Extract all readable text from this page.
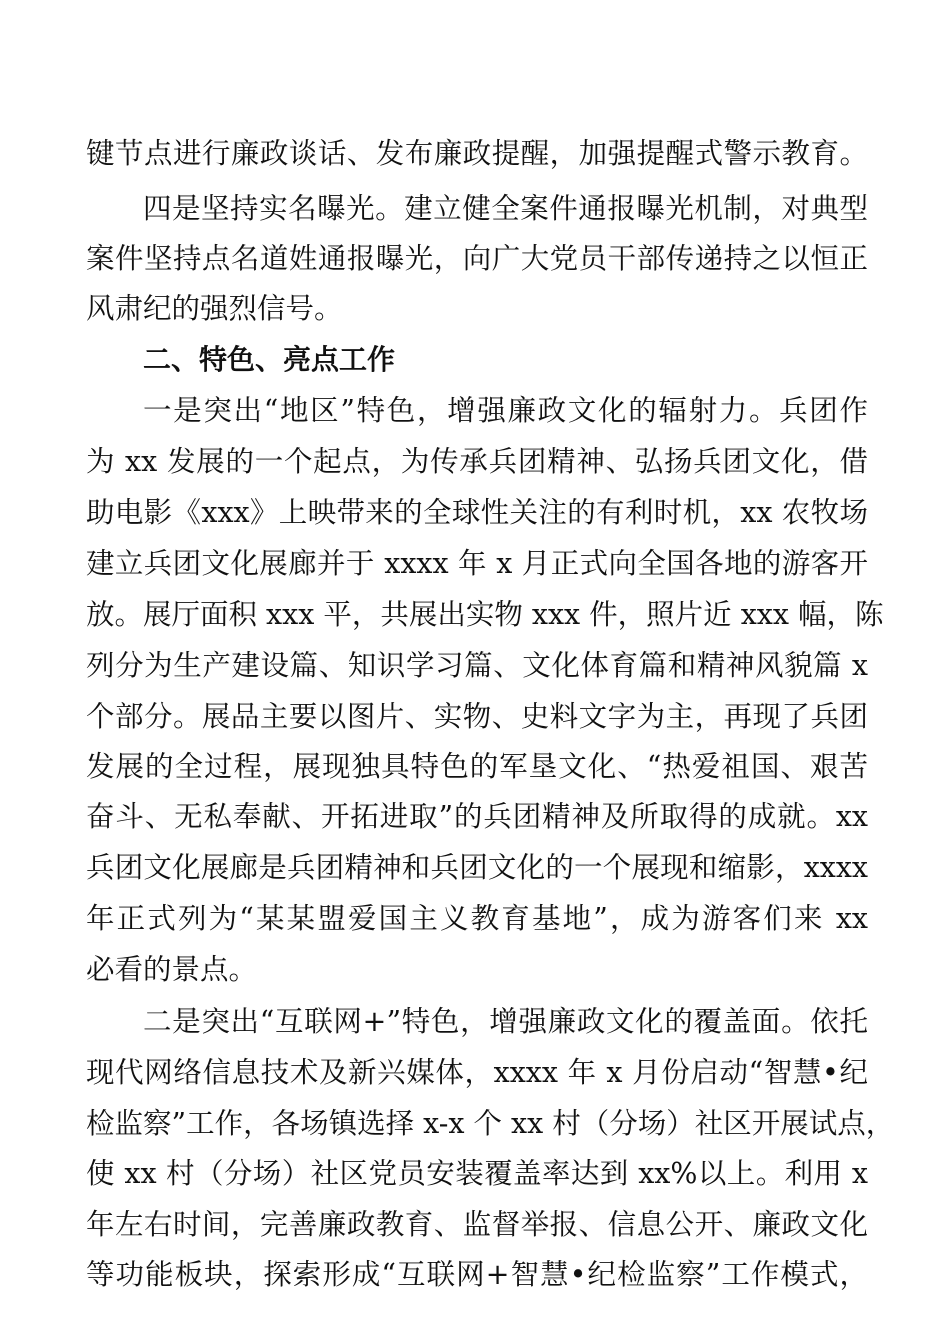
键节点进行廉政谈话、发布廉政提醒，加强提醒式警示教育。
四是坚持实名曝光。建立健全案件通报曝光机制，对典型
案件坚持点名道姓通报曝光，向广大党员干部传递持之以恒正
风肃纪的强烈信号。
二、特色、亮点工作
一是突出“地区”特色，增强廉政文化的辐射力。兵团作
为 xx 发展的一个起点，为传承兵团精神、弘扬兵团文化，借
助电影《xxx》上映带来的全球性关注的有利时机，xx 农牧场
建立兵团文化展廊并于 xxxx 年 x 月正式向全国各地的游客开
放。展厅面积 xxx 平，共展出实物 xxx 件，照片近 xxx 幅，陈
列分为生产建设篇、知识学习篇、文化体育篇和精神风貌篇 x
个部分。展品主要以图片、实物、史料文字为主，再现了兵团
发展的全过程，展现独具特色的军垦文化、“热爱祖国、艰苦
奋斗、无私奉献、开拓进取”的兵团精神及所取得的成就。xx
兵团文化展廊是兵团精神和兵团文化的一个展现和缩影，xxxx
年正式列为“某某盟爱国主义教育基地”，成为游客们来 xx
必看的景点。
二是突出“互联网+”特色，增强廉政文化的覆盖面。依托
现代网络信息技术及新兴媒体，xxxx 年 x 月份启动“智慧•纪
检监察”工作，各场镇选择 x-x 个 xx 村（分场）社区开展试点，
使 xx 村（分场）社区党员安装覆盖率达到 xx%以上。利用 x
年左右时间，完善廉政教育、监督举报、信息公开、廉政文化
等功能板块，探索形成“互联网+智慧•纪检监察”工作模式，
